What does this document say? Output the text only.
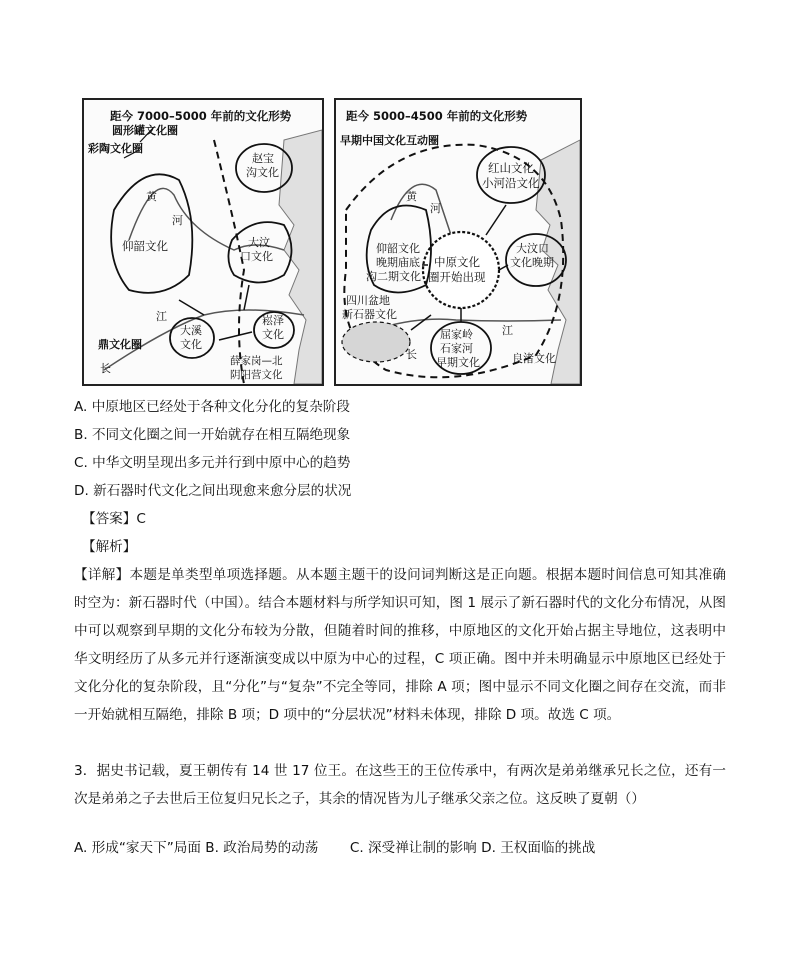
距今 7000–5000 年前的文化形势
圆形罐文化圈
彩陶文化圈
赵宝
沟文化
黄
河
仰韶文化	大汶
口文化
大溪
文化
崧泽
文化
江
长
鼎文化圈
薛家岗—北
阴阳营文化
距今 5000–4500 年前的文化形势
早期中国文化互动圈
红山文化
小河沿文化
黄
河
仰韶文化
晚期庙底
沟二期文化
中原文化
圈开始出现
大汶口
文化晚期
四川盆地
新石器文化
屈家岭
石家河
早期文化
江
长	良渚文化
A. 中原地区已经处于各种文化分化的复杂阶段
B. 不同文化圈之间一开始就存在相互隔绝现象
C. 中华文明呈现出多元并行到中原中心的趋势
D. 新石器时代文化之间出现愈来愈分层的状况
【答案】C
【解析】
【详解】本题是单类型单项选择题。从本题主题干的设问词判断这是正向题。根据本题时间信息可知其准确时空为：新石器时代（中国）。结合本题材料与所学知识可知，图 1 展示了新石器时代的文化分布情况，从图中可以观察到早期的文化分布较为分散，但随着时间的推移，中原地区的文化开始占据主导地位，这表明中华文明经历了从多元并行逐渐演变成以中原为中心的过程，C 项正确。图中并未明确显示中原地区已经处于文化分化的复杂阶段，且“分化”与“复杂”不完全等同，排除 A 项；图中显示不同文化圈之间存在交流，而非一开始就相互隔绝，排除 B 项；D 项中的“分层状况”材料未体现，排除 D 项。故选 C 项。
3．据史书记载，夏王朝传有 14 世 17 位王。在这些王的王位传承中，有两次是弟弟继承兄长之位，还有一次是弟弟之子去世后王位复归兄长之子，其余的情况皆为儿子继承父亲之位。这反映了夏朝（）
A. 形成“家天下”局面 B. 政治局势的动荡　　 C. 深受禅让制的影响 D. 王权面临的挑战
